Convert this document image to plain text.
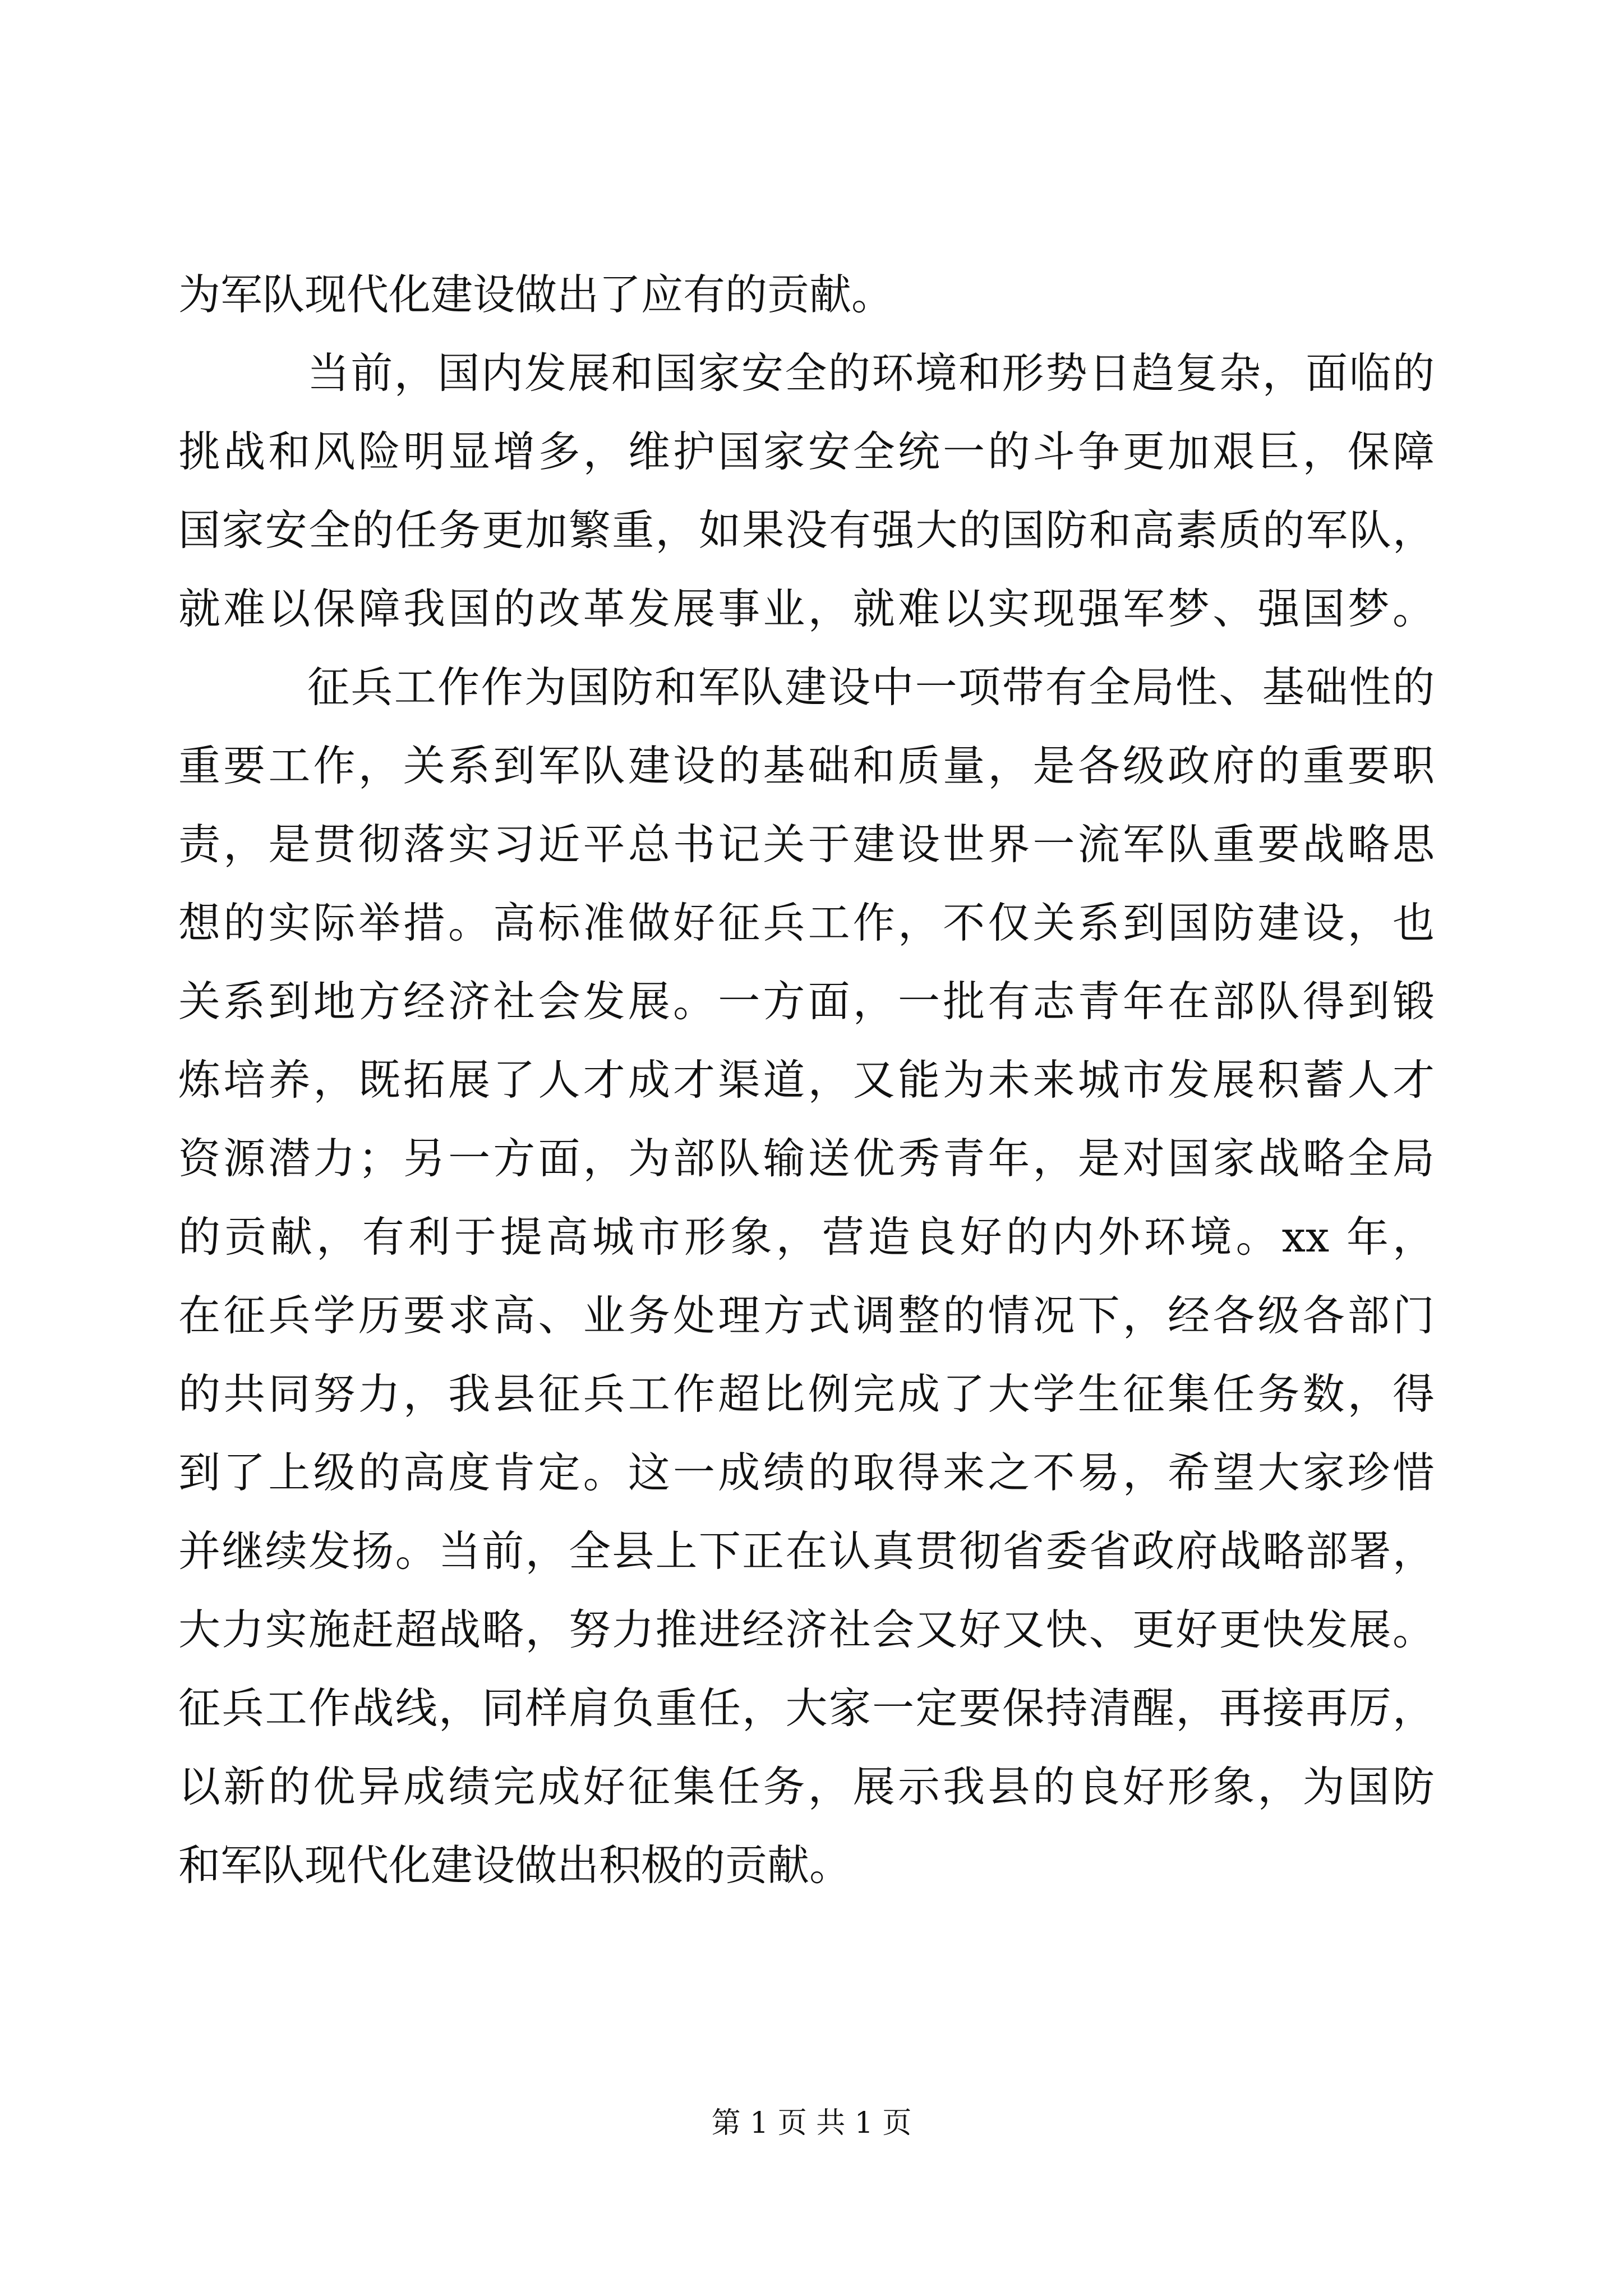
为军队现代化建设做出了应有的贡献。
当前，国内发展和国家安全的环境和形势日趋复杂，面临的
挑战和风险明显增多，维护国家安全统一的斗争更加艰巨，保障
国家安全的任务更加繁重，如果没有强大的国防和高素质的军队，
就难以保障我国的改革发展事业，就难以实现强军梦、强国梦。
征兵工作作为国防和军队建设中一项带有全局性、基础性的
重要工作，关系到军队建设的基础和质量，是各级政府的重要职
责，是贯彻落实习近平总书记关于建设世界一流军队重要战略思
想的实际举措。高标准做好征兵工作，不仅关系到国防建设，也
关系到地方经济社会发展。一方面，一批有志青年在部队得到锻
炼培养，既拓展了人才成才渠道，又能为未来城市发展积蓄人才
资源潜力；另一方面，为部队输送优秀青年，是对国家战略全局
的贡献，有利于提高城市形象，营造良好的内外环境。xx 年，
在征兵学历要求高、业务处理方式调整的情况下，经各级各部门
的共同努力，我县征兵工作超比例完成了大学生征集任务数，得
到了上级的高度肯定。这一成绩的取得来之不易，希望大家珍惜
并继续发扬。当前，全县上下正在认真贯彻省委省政府战略部署，
大力实施赶超战略，努力推进经济社会又好又快、更好更快发展。
征兵工作战线，同样肩负重任，大家一定要保持清醒，再接再厉，
以新的优异成绩完成好征集任务，展示我县的良好形象，为国防
和军队现代化建设做出积极的贡献。
第 1 页 共 1 页
